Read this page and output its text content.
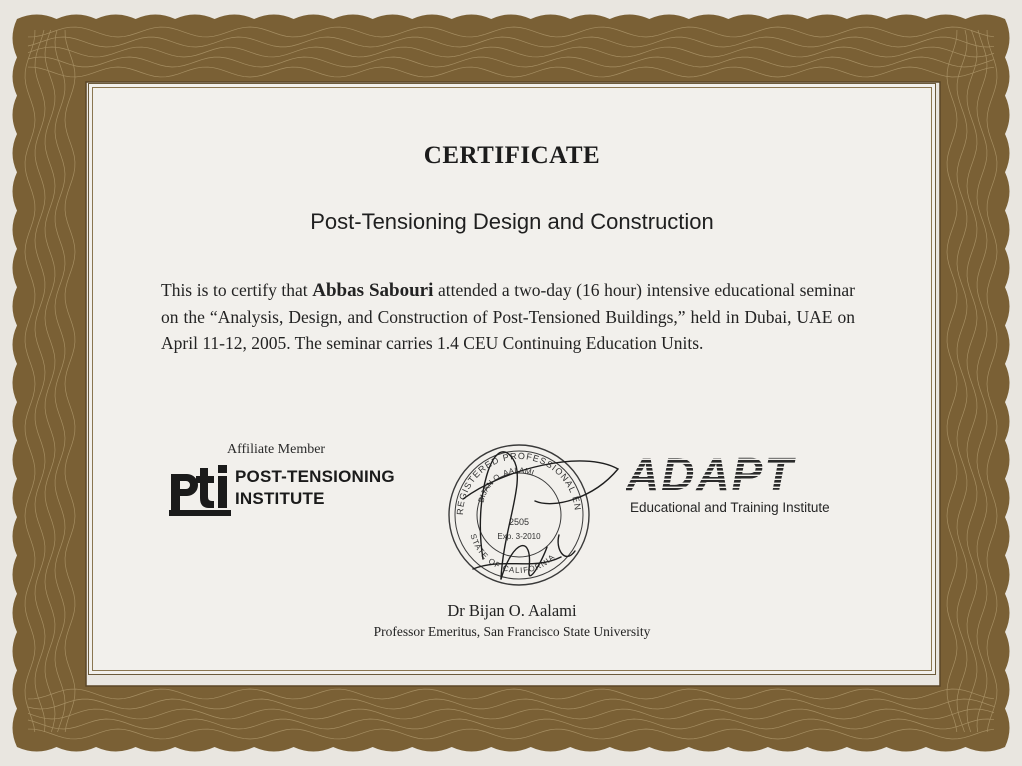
CERTIFICATE
Post-Tensioning Design and Construction
This is to certify that Abbas Sabouri attended a two-day (16 hour) intensive educational seminar on the “Analysis, Design, and Construction of Post-Tensioned Buildings,” held in Dubai, UAE on April 11-12, 2005. The seminar carries 1.4 CEU Continuing Education Units.
Affiliate Member
POST-TENSIONING
INSTITUTE
REGISTERED PROFESSIONAL ENGINEER
STATE OF CALIFORNIA
BIJAN O. AALAMI
2505
Exp. 3-2010
ADAPT
Educational and Training Institute
Dr Bijan O. Aalami
Professor Emeritus, San Francisco State University
